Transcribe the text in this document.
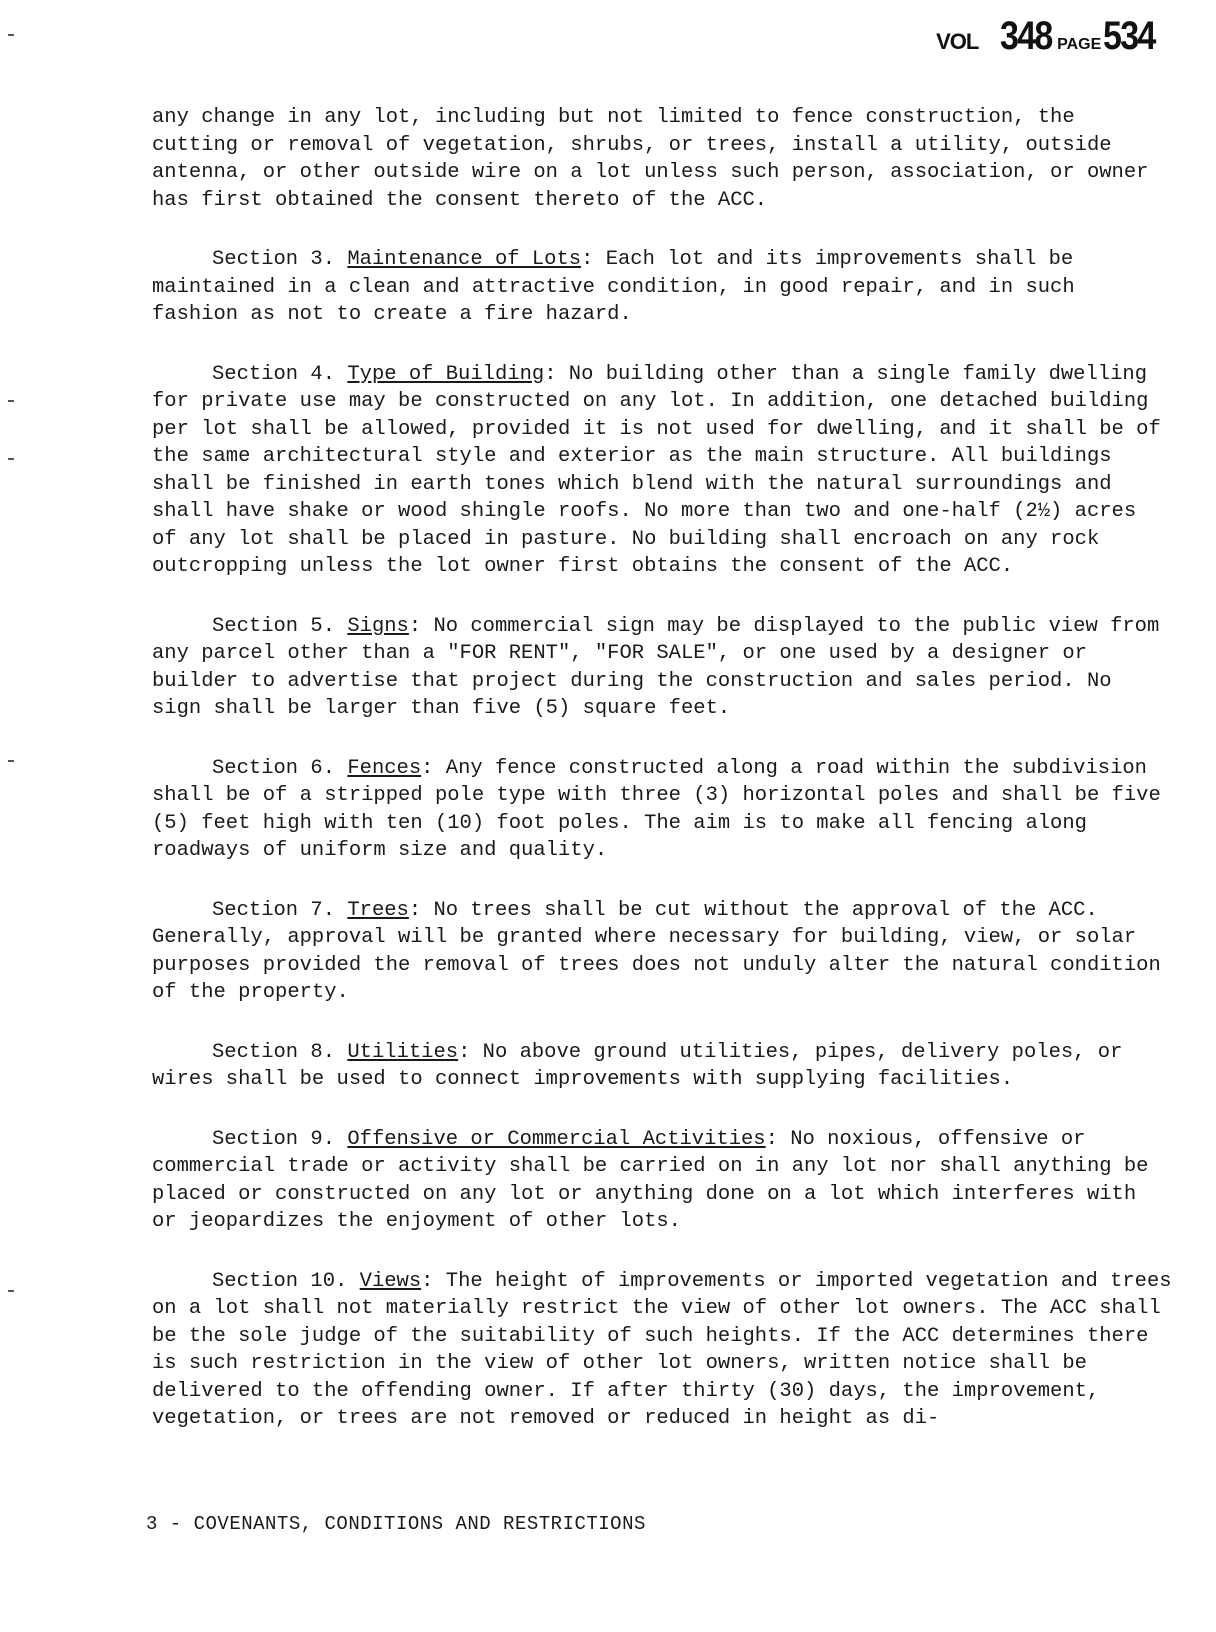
VOL 348 PAGE 534

any change in any lot, including but not limited to fence construction, the cutting or removal of vegetation, shrubs, or trees, install a utility, outside antenna, or other outside wire on a lot unless such person, association, or owner has first obtained the consent thereto of the ACC.

Section 3. Maintenance of Lots: Each lot and its improvements shall be maintained in a clean and attractive condition, in good repair, and in such fashion as not to create a fire hazard.

Section 4. Type of Building: No building other than a single family dwelling for private use may be constructed on any lot. In addition, one detached building per lot shall be allowed, provided it is not used for dwelling, and it shall be of the same architectural style and exterior as the main structure. All buildings shall be finished in earth tones which blend with the natural surroundings and shall have shake or wood shingle roofs. No more than two and one-half (2½) acres of any lot shall be placed in pasture. No building shall encroach on any rock outcropping unless the lot owner first obtains the consent of the ACC.

Section 5. Signs: No commercial sign may be displayed to the public view from any parcel other than a "FOR RENT", "FOR SALE", or one used by a designer or builder to advertise that project during the construction and sales period. No sign shall be larger than five (5) square feet.

Section 6. Fences: Any fence constructed along a road within the subdivision shall be of a stripped pole type with three (3) horizontal poles and shall be five (5) feet high with ten (10) foot poles. The aim is to make all fencing along roadways of uniform size and quality.

Section 7. Trees: No trees shall be cut without the approval of the ACC. Generally, approval will be granted where necessary for building, view, or solar purposes provided the removal of trees does not unduly alter the natural condition of the property.

Section 8. Utilities: No above ground utilities, pipes, delivery poles, or wires shall be used to connect improvements with supplying facilities.

Section 9. Offensive or Commercial Activities: No noxious, offensive or commercial trade or activity shall be carried on in any lot nor shall anything be placed or constructed on any lot or anything done on a lot which interferes with or jeopardizes the enjoyment of other lots.

Section 10. Views: The height of improvements or imported vegetation and trees on a lot shall not materially restrict the view of other lot owners. The ACC shall be the sole judge of the suitability of such heights. If the ACC determines there is such restriction in the view of other lot owners, written notice shall be delivered to the offending owner. If after thirty (30) days, the improvement, vegetation, or trees are not removed or reduced in height as di-

3 - COVENANTS, CONDITIONS AND RESTRICTIONS
